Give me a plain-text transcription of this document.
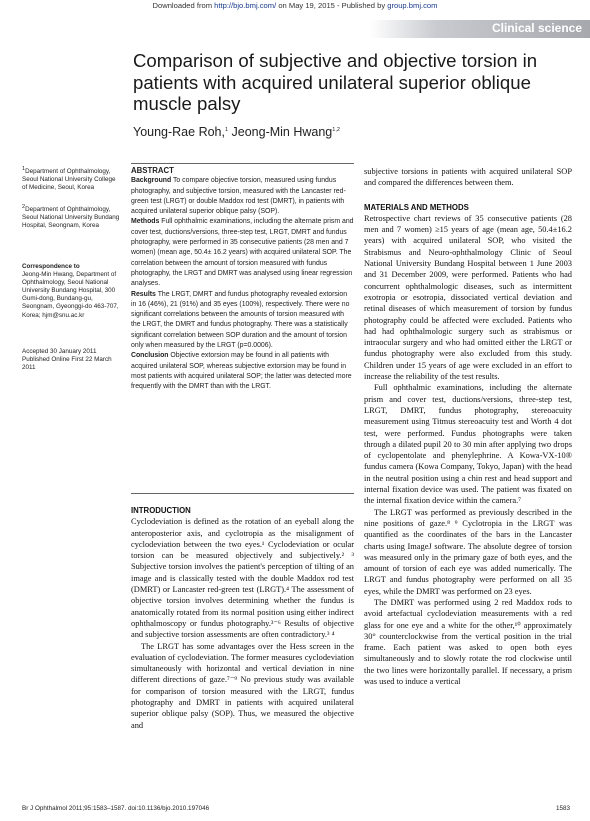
Downloaded from http://bjo.bmj.com/ on May 19, 2015 - Published by group.bmj.com
Clinical science
Comparison of subjective and objective torsion in patients with acquired unilateral superior oblique muscle palsy
Young-Rae Roh,$^1$ Jeong-Min Hwang$^{1,2}$
$^1$Department of Ophthalmology, Seoul National University College of Medicine, Seoul, Korea
$^2$Department of Ophthalmology, Seoul National University Bundang Hospital, Seongnam, Korea
Correspondence to
Jeong-Min Hwang, Department of Ophthalmology, Seoul National University Bundang Hospital, 300 Gumi-dong, Bundang-gu, Seongnam, Gyeonggi-do 463-707, Korea; hjm@snu.ac.kr
Accepted 30 January 2011 Published Online First 22 March 2011

ABSTRACT

Background To compare objective torsion, measured using fundus photography, and subjective torsion, measured with the Lancaster red-green test (LRGT) or double Maddox rod test (DMRT), in patients with acquired unilateral superior oblique palsy (SOP).

Methods Full ophthalmic examinations, including the alternate prism and cover test, ductions/versions, three-step test, LRGT, DMRT and fundus photography, were performed in 35 consecutive patients (28 men and 7 women) (mean age, 50.4± 16.2 years) with acquired unilateral SOP. The correlation between the amount of torsion measured with fundus photography, the LRGT and DMRT was analysed using linear regression analyses.

Results The LRGT, DMRT and fundus photography revealed extorsion in 16 (46%), 21 (91%) and 35 eyes (100%), respectively. There were no significant correlations between the amounts of torsion measured with the LRGT, the DMRT and fundus photography. There was a statistically significant correlation between SOP duration and the amount of torsion only when measured by the LRGT (p=0.0006).

Conclusion Objective extorsion may be found in all patients with acquired unilateral SOP, whereas subjective extorsion may be found in most patients with acquired unilateral SOP; the latter was detected more frequently with the DMRT than with the LRGT.

INTRODUCTION

Cyclodeviation is defined as the rotation of an eyeball along the anteroposterior axis, and cyclotropia as the misalignment of cyclodeviation between the two eyes.¹ Cyclodeviation or ocular torsion can be measured objectively and subjectively.² ³ Subjective torsion involves the patient's perception of tilting of an image and is classically tested with the double Maddox rod test (DMRT) or Lancaster red-green test (LRGT).⁴ The assessment of objective torsion involves determining whether the fundus is anatomically rotated from its normal position using either indirect ophthalmoscopy or fundus photography.³⁻⁶ Results of objective and subjective torsion assessments are often contradictory.³ ⁴

The LRGT has some advantages over the Hess screen in the evaluation of cyclodeviation. The former measures cyclodeviation simultaneously with horizontal and vertical deviation in nine different directions of gaze.⁷⁻⁹ No previous study was available for comparison of torsion measured with the LRGT, fundus photography and DMRT in patients with acquired unilateral superior oblique palsy (SOP). Thus, we measured the objective and

subjective torsions in patients with acquired unilateral SOP and compared the differences between them.

MATERIALS AND METHODS

Retrospective chart reviews of 35 consecutive patients (28 men and 7 women) ≥15 years of age (mean age, 50.4±16.2 years) with acquired unilateral SOP, who visited the Strabismus and Neuro-ophthalmology Clinic of Seoul National University Bundang Hospital between 1 June 2003 and 31 December 2009, were performed. Patients who had concurrent ophthalmologic diseases, such as intermittent exotropia or esotropia, dissociated vertical deviation and retinal diseases of which measurement of torsion by fundus photography could be affected were excluded. Patients who had had ophthalmologic surgery such as strabismus or intraocular surgery and who had omitted either the LRGT or fundus photography were also excluded from this study. Children under 15 years of age were excluded in an effort to increase the reliability of the test results.

Full ophthalmic examinations, including the alternate prism and cover test, ductions/versions, three-step test, LRGT, DMRT, fundus photography, stereoacuity measurement using Titmus stereoacuity test and Worth 4 dot test, were performed. Fundus photographs were taken through a dilated pupil 20 to 30 min after applying two drops of cyclopentolate and phenylephrine. A Kowa-VX-10® fundus camera (Kowa Company, Tokyo, Japan) with the head in the neutral position using a chin rest and head support and internal fixation device was used. The patient was fixated on the internal fixation device within the camera.⁷

The LRGT was performed as previously described in the nine positions of gaze.⁸ ⁹ Cyclotropia in the LRGT was quantified as the coordinates of the bars in the Lancaster charts using ImageJ software. The absolute degree of torsion was measured only in the primary gaze of both eyes, and the amount of torsion of each eye was added numerically. The LRGT and fundus photography were performed on all 35 eyes, while the DMRT was performed on 23 eyes.

The DMRT was performed using 2 red Maddox rods to avoid artefactual cyclodeviation measurements with a red glass for one eye and a white for the other,¹⁰ approximately 30° counterclockwise from the vertical position in the trial frame. Each patient was asked to open both eyes simultaneously and to slowly rotate the rod clockwise until the two lines were horizontally parallel. If necessary, a prism was used to induce a vertical

Br J Ophthalmol 2011;95:1583–1587. doi:10.1136/bjo.2010.197046	1583
